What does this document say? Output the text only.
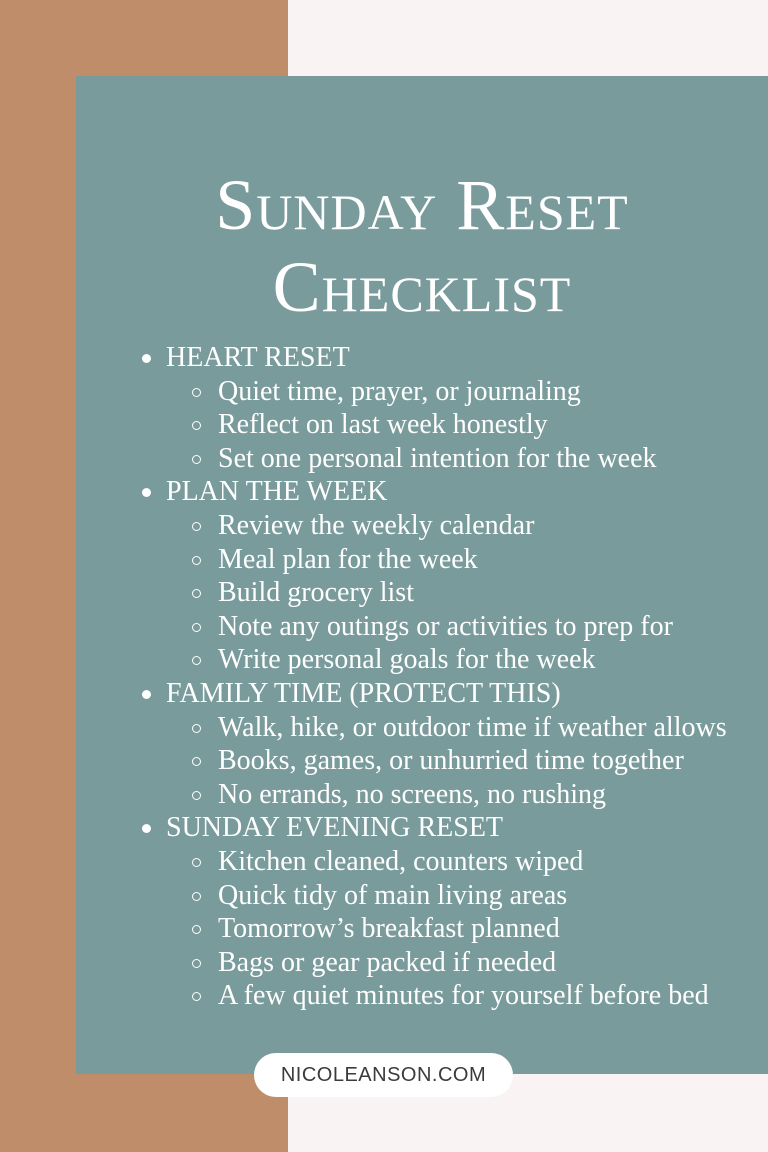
Sunday Reset
Checklist
HEART RESET
Quiet time, prayer, or journaling
Reflect on last week honestly
Set one personal intention for the week
PLAN THE WEEK
Review the weekly calendar
Meal plan for the week
Build grocery list
Note any outings or activities to prep for
Write personal goals for the week
FAMILY TIME (PROTECT THIS)
Walk, hike, or outdoor time if weather allows
Books, games, or unhurried time together
No errands, no screens, no rushing
SUNDAY EVENING RESET
Kitchen cleaned, counters wiped
Quick tidy of main living areas
Tomorrow’s breakfast planned
Bags or gear packed if needed
A few quiet minutes for yourself before bed
NICOLEANSON.COM
